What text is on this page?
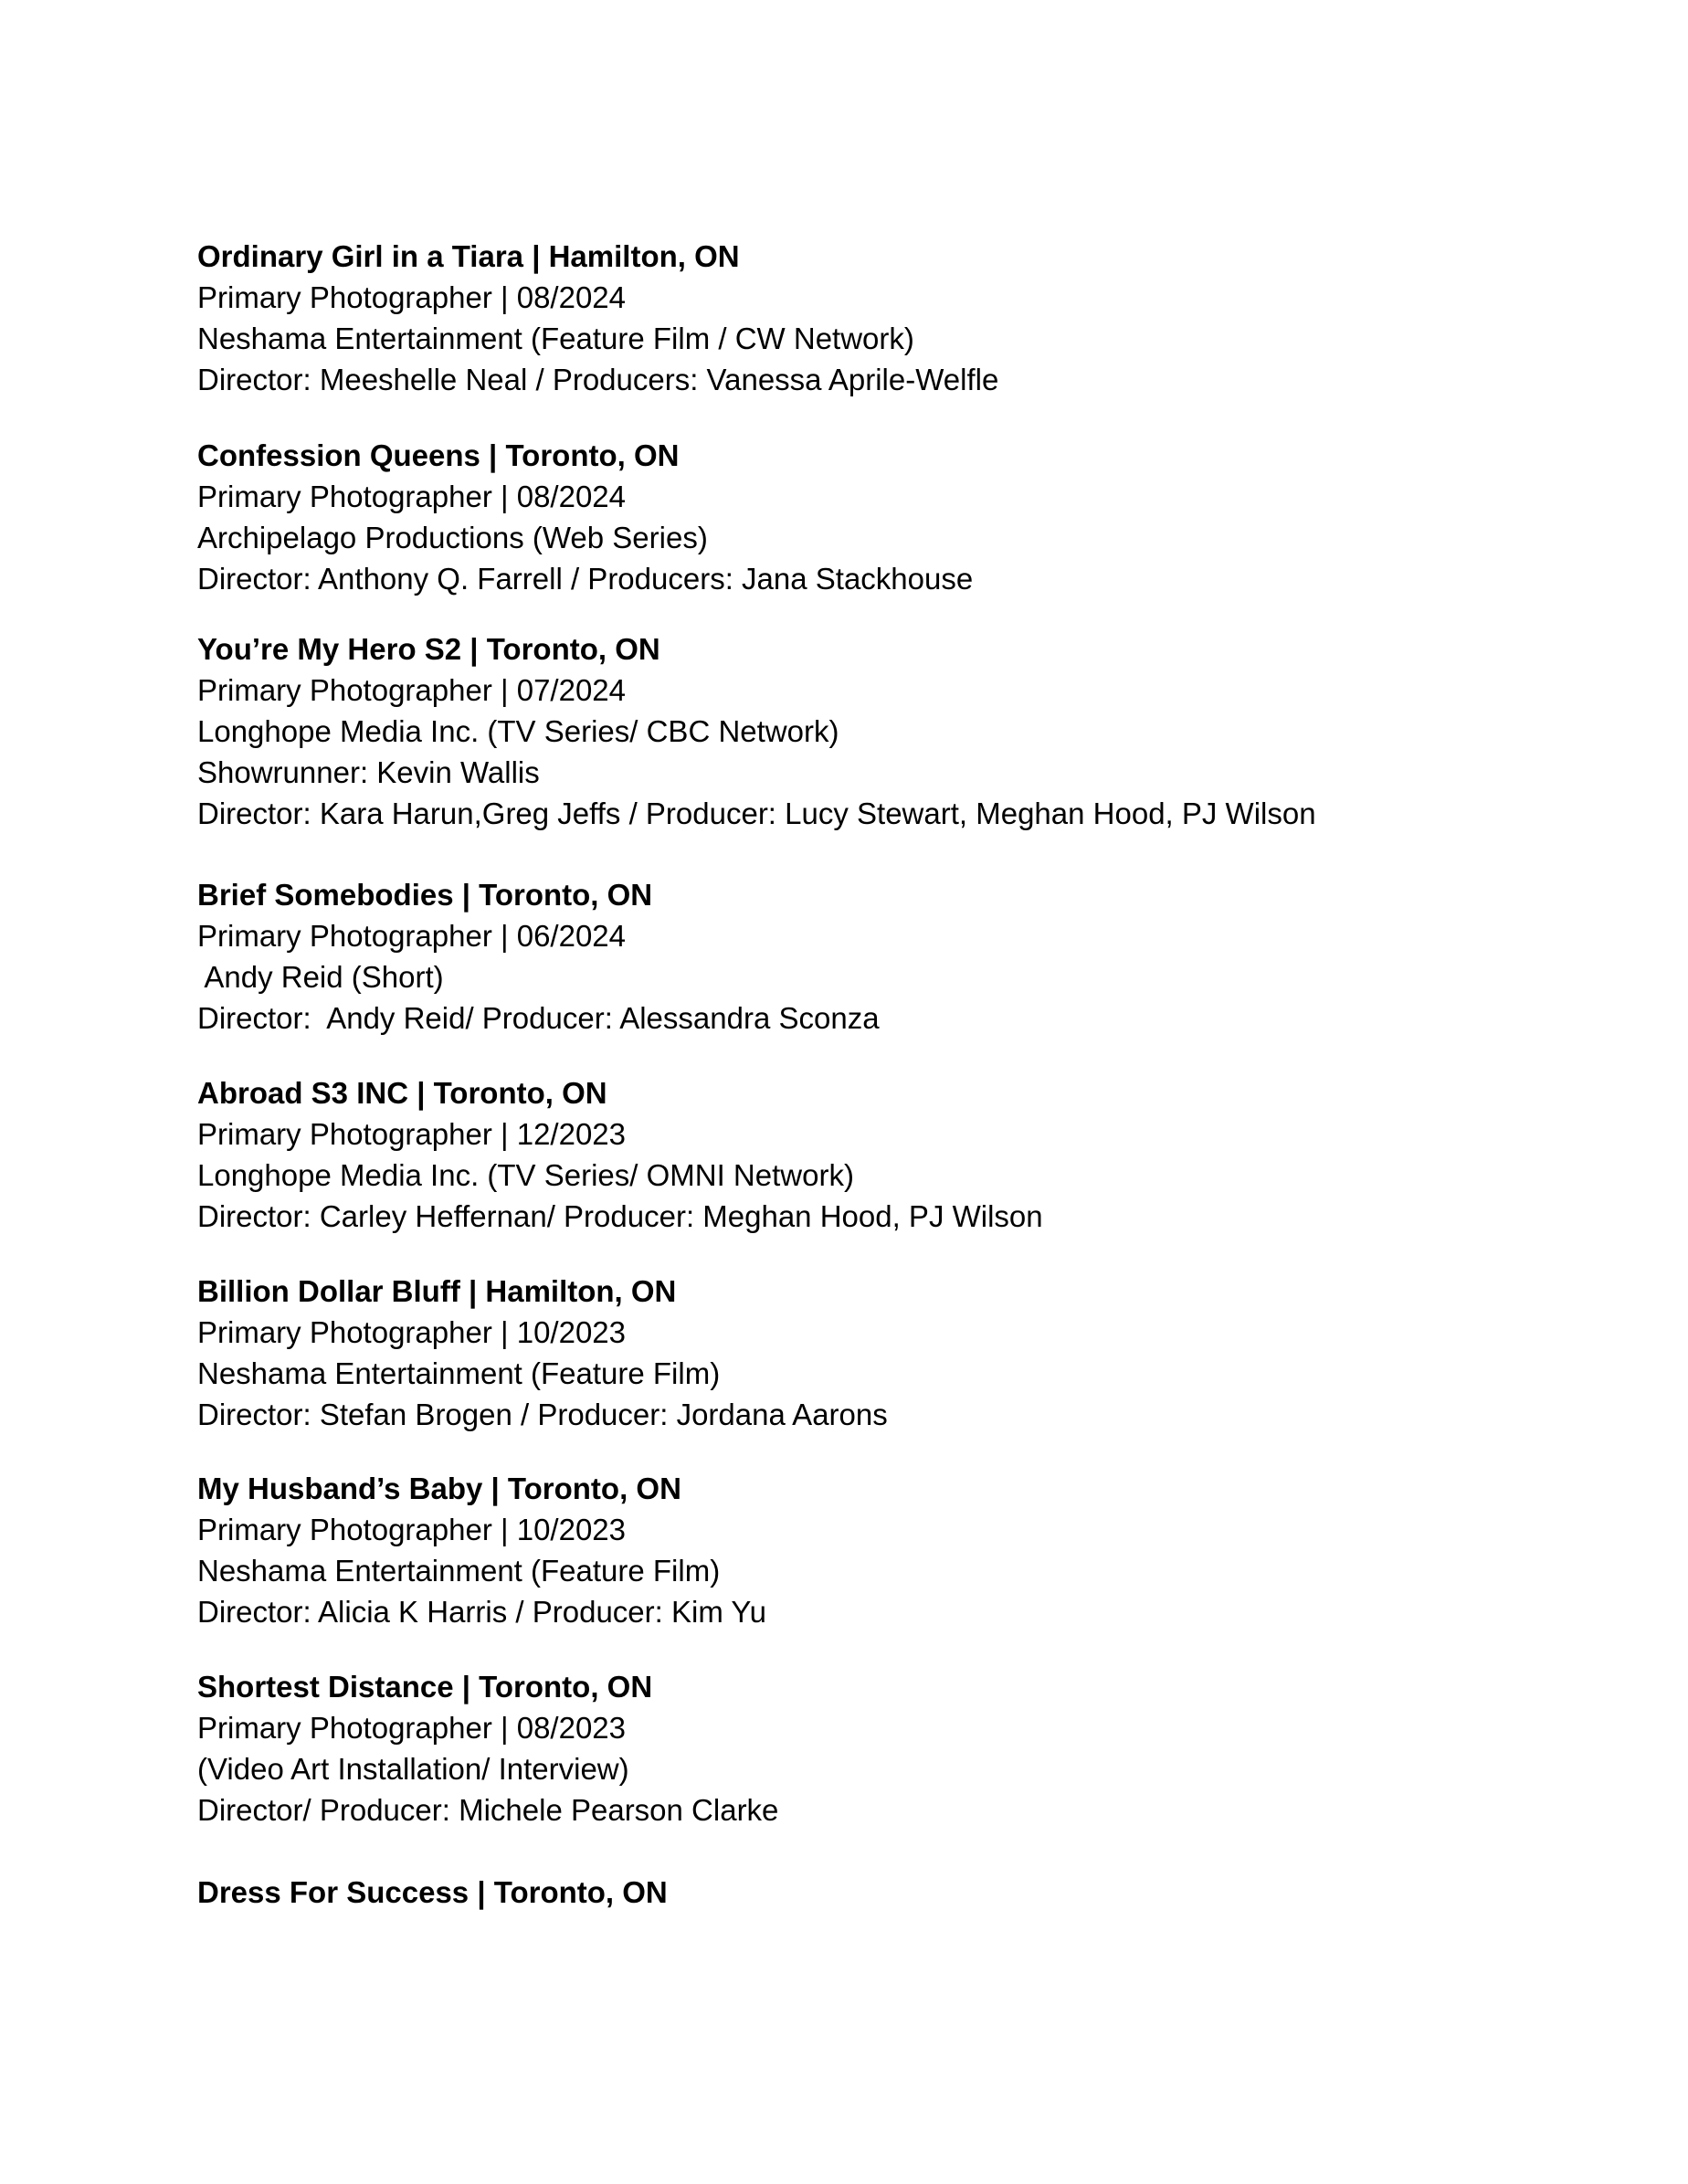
Ordinary Girl in a Tiara | Hamilton, ON

Primary Photographer | 08/2024

Neshama Entertainment (Feature Film / CW Network)

Director: Meeshelle Neal / Producers: Vanessa Aprile-Welfle

Confession Queens | Toronto, ON

Primary Photographer | 08/2024

Archipelago Productions (Web Series)

Director: Anthony Q. Farrell / Producers: Jana Stackhouse

You’re My Hero S2 | Toronto, ON

Primary Photographer | 07/2024

Longhope Media Inc. (TV Series/ CBC Network)

Showrunner: Kevin Wallis

Director: Kara Harun,Greg Jeffs / Producer: Lucy Stewart, Meghan Hood, PJ Wilson

Brief Somebodies | Toronto, ON

Primary Photographer | 06/2024

Andy Reid (Short)

Director:  Andy Reid/ Producer: Alessandra Sconza

Abroad S3 INC | Toronto, ON

Primary Photographer | 12/2023

Longhope Media Inc. (TV Series/ OMNI Network)

Director: Carley Heffernan/ Producer: Meghan Hood, PJ Wilson

Billion Dollar Bluff | Hamilton, ON

Primary Photographer | 10/2023

Neshama Entertainment (Feature Film)

Director: Stefan Brogen / Producer: Jordana Aarons

My Husband’s Baby | Toronto, ON

Primary Photographer | 10/2023

Neshama Entertainment (Feature Film)

Director: Alicia K Harris / Producer: Kim Yu

Shortest Distance | Toronto, ON

Primary Photographer | 08/2023

(Video Art Installation/ Interview)

Director/ Producer: Michele Pearson Clarke

Dress For Success | Toronto, ON
